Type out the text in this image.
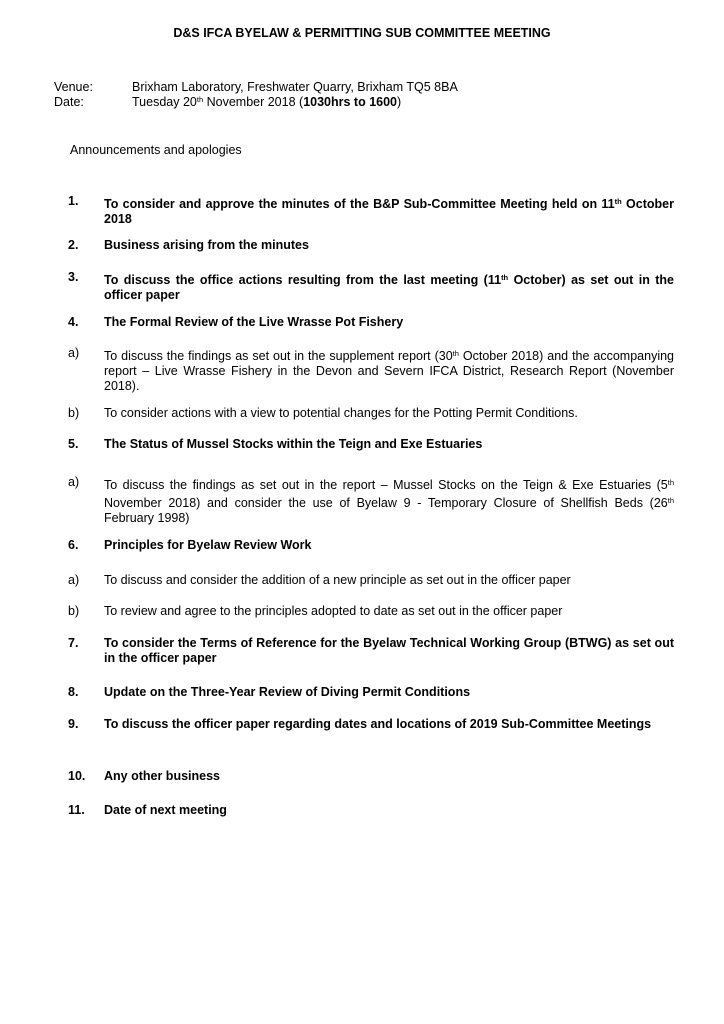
D&S IFCA BYELAW & PERMITTING SUB COMMITTEE MEETING
Venue:	Brixham Laboratory, Freshwater Quarry, Brixham TQ5 8BA
Date:	Tuesday 20th November 2018 (1030hrs to 1600)
Announcements and apologies
1. To consider and approve the minutes of the B&P Sub-Committee Meeting held on 11th October 2018
2. Business arising from the minutes
3. To discuss the office actions resulting from the last meeting (11th October) as set out in the officer paper
4. The Formal Review of the Live Wrasse Pot Fishery
a) To discuss the findings as set out in the supplement report (30th October 2018) and the accompanying report – Live Wrasse Fishery in the Devon and Severn IFCA District, Research Report (November 2018).
b) To consider actions with a view to potential changes for the Potting Permit Conditions.
5. The Status of Mussel Stocks within the Teign and Exe Estuaries
a) To discuss the findings as set out in the report – Mussel Stocks on the Teign & Exe Estuaries (5th November 2018) and consider the use of Byelaw 9 - Temporary Closure of Shellfish Beds (26th February 1998)
6. Principles for Byelaw Review Work
a) To discuss and consider the addition of a new principle as set out in the officer paper
b) To review and agree to the principles adopted to date as set out in the officer paper
7. To consider the Terms of Reference for the Byelaw Technical Working Group (BTWG) as set out in the officer paper
8. Update on the Three-Year Review of Diving Permit Conditions
9. To discuss the officer paper regarding dates and locations of 2019 Sub-Committee Meetings
10. Any other business
11. Date of next meeting
